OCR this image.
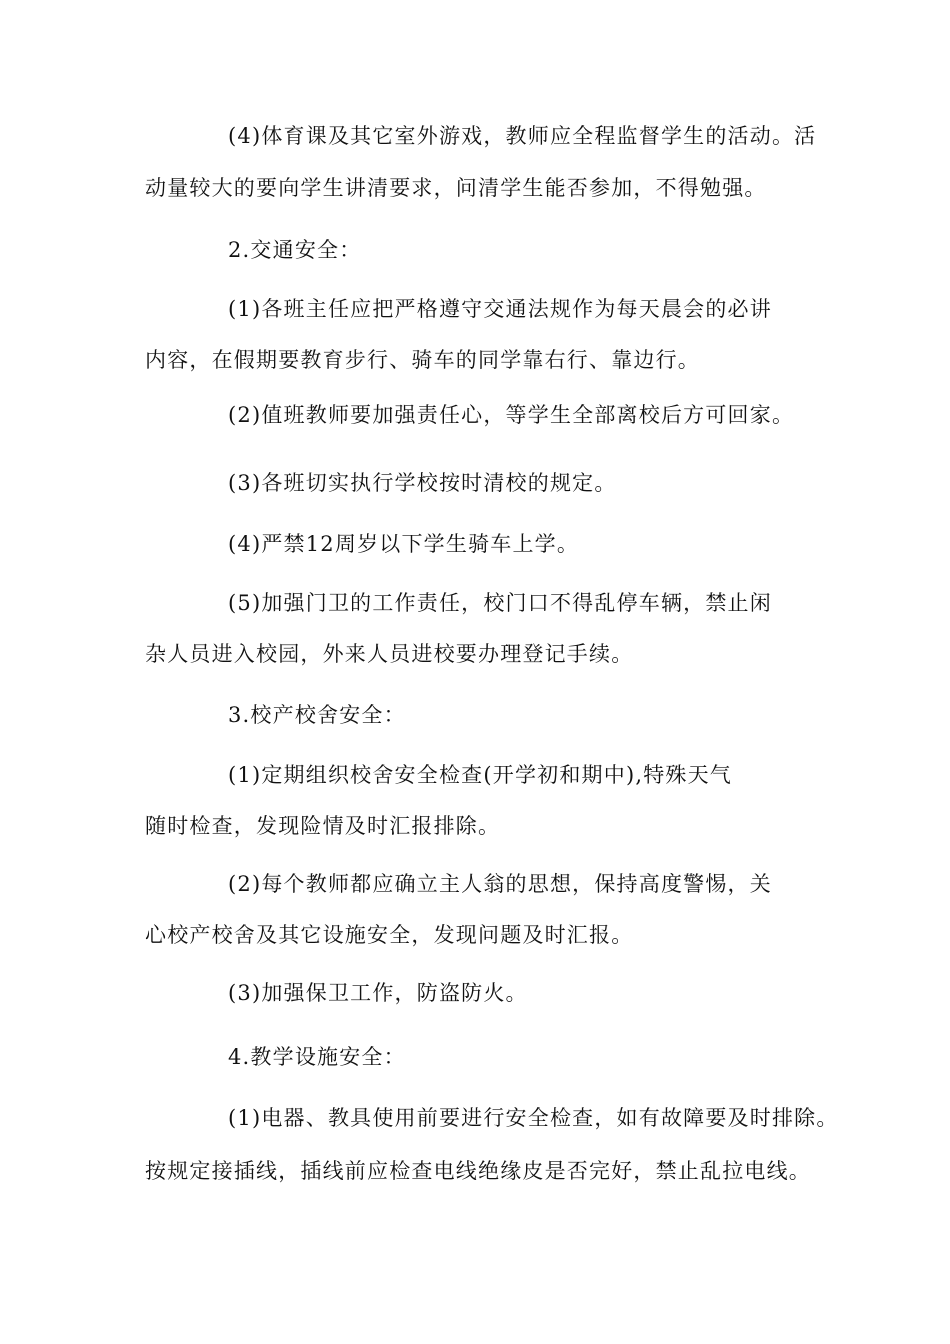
(4)体育课及其它室外游戏，教师应全程监督学生的活动。活
动量较大的要向学生讲清要求，问清学生能否参加，不得勉强。
2.交通安全：
(1)各班主任应把严格遵守交通法规作为每天晨会的必讲
内容，在假期要教育步行、骑车的同学靠右行、靠边行。
(2)值班教师要加强责任心，等学生全部离校后方可回家。
(3)各班切实执行学校按时清校的规定。
(4)严禁12周岁以下学生骑车上学。
(5)加强门卫的工作责任，校门口不得乱停车辆，禁止闲
杂人员进入校园，外来人员进校要办理登记手续。
3.校产校舍安全：
(1)定期组织校舍安全检查(开学初和期中),特殊天气
随时检查，发现险情及时汇报排除。
(2)每个教师都应确立主人翁的思想，保持高度警惕，关
心校产校舍及其它设施安全，发现问题及时汇报。
(3)加强保卫工作，防盗防火。
4.教学设施安全：
(1)电器、教具使用前要进行安全检查，如有故障要及时排除。
按规定接插线，插线前应检查电线绝缘皮是否完好，禁止乱拉电线。
